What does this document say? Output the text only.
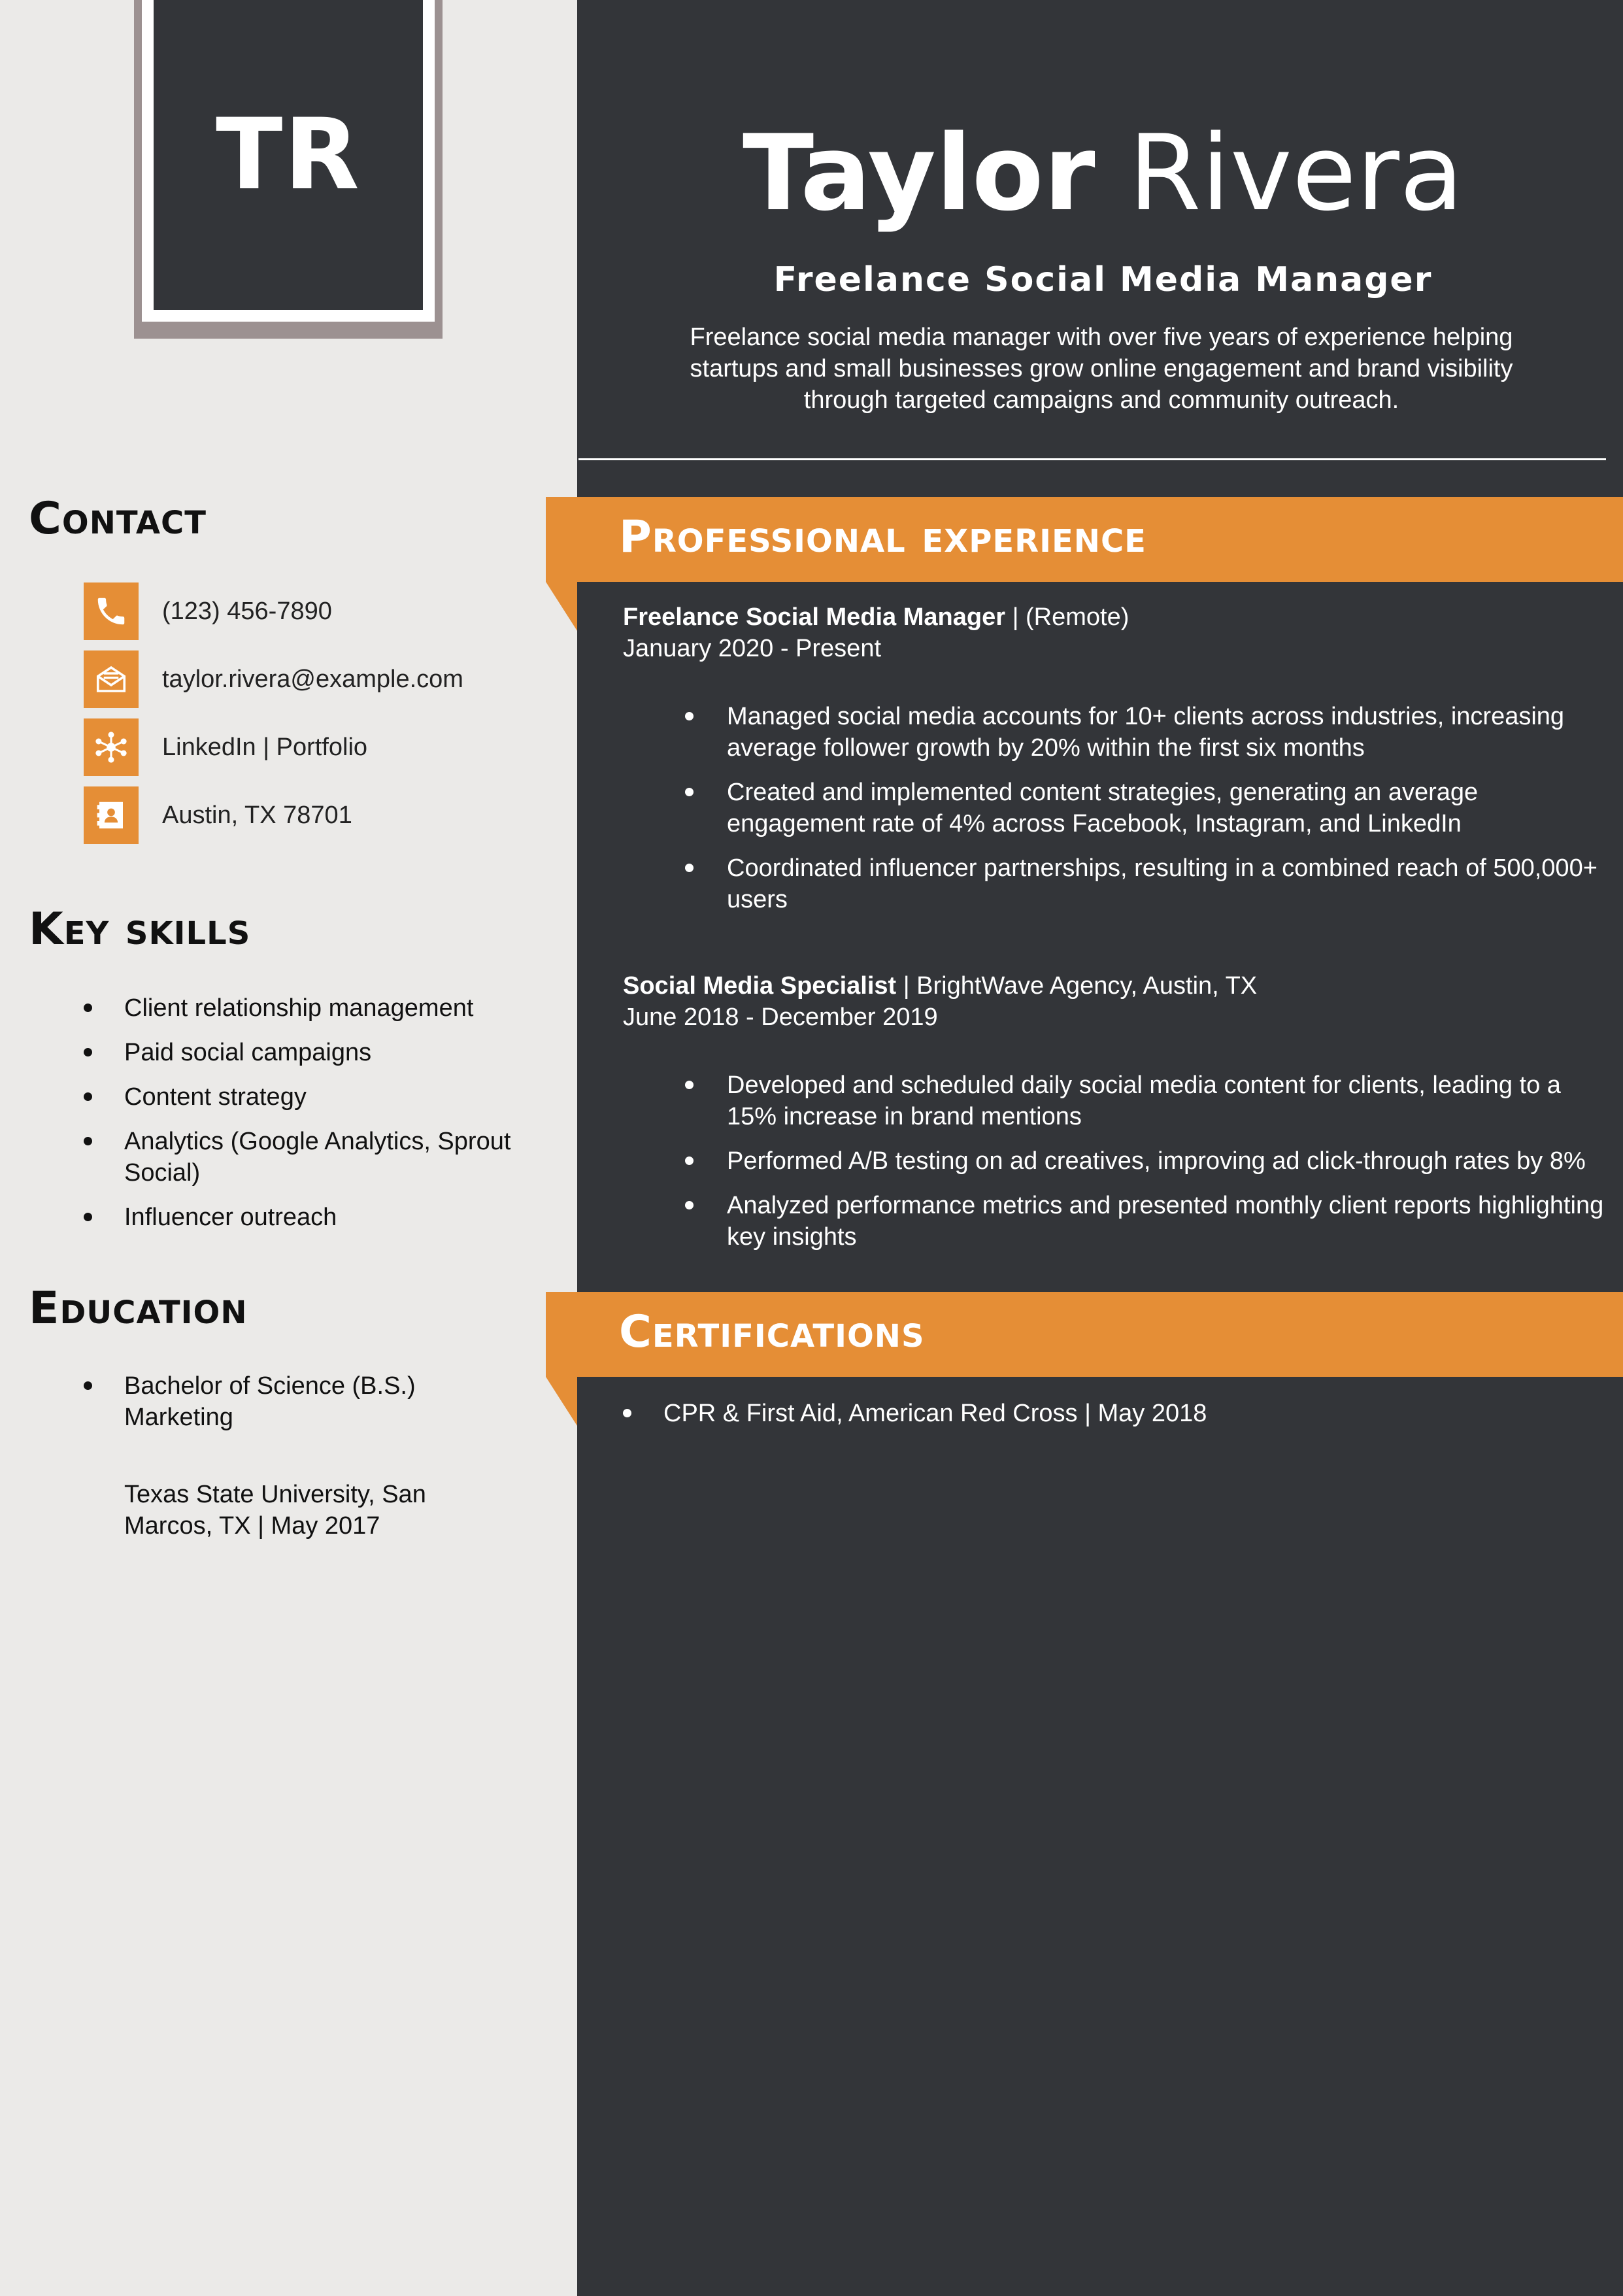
TR	Taylor Rivera
Freelance Social Media Manager
Freelance social media manager with over five years of experience helping startups and small businesses grow online engagement and brand visibility through targeted campaigns and community outreach.
Contact
(123) 456-7890
taylor.rivera@example.com
LinkedIn | Portfolio
Austin, TX 78701
Key skills
Client relationship management
Paid social campaigns
Content strategy
Analytics (Google Analytics, Sprout Social)
Influencer outreach
Education
Bachelor of Science (B.S.) Marketing
Texas State University, San Marcos, TX | May 2017
Professional experience
Freelance Social Media Manager | (Remote)
January 2020 - Present
Managed social media accounts for 10+ clients across industries, increasing average follower growth by 20% within the first six months
Created and implemented content strategies, generating an average engagement rate of 4% across Facebook, Instagram, and LinkedIn
Coordinated influencer partnerships, resulting in a combined reach of 500,000+ users
Social Media Specialist | BrightWave Agency, Austin, TX
June 2018 - December 2019
Developed and scheduled daily social media content for clients, leading to a 15% increase in brand mentions
Performed A/B testing on ad creatives, improving ad click-through rates by 8%
Analyzed performance metrics and presented monthly client reports highlighting key insights
Certifications
CPR & First Aid, American Red Cross | May 2018
